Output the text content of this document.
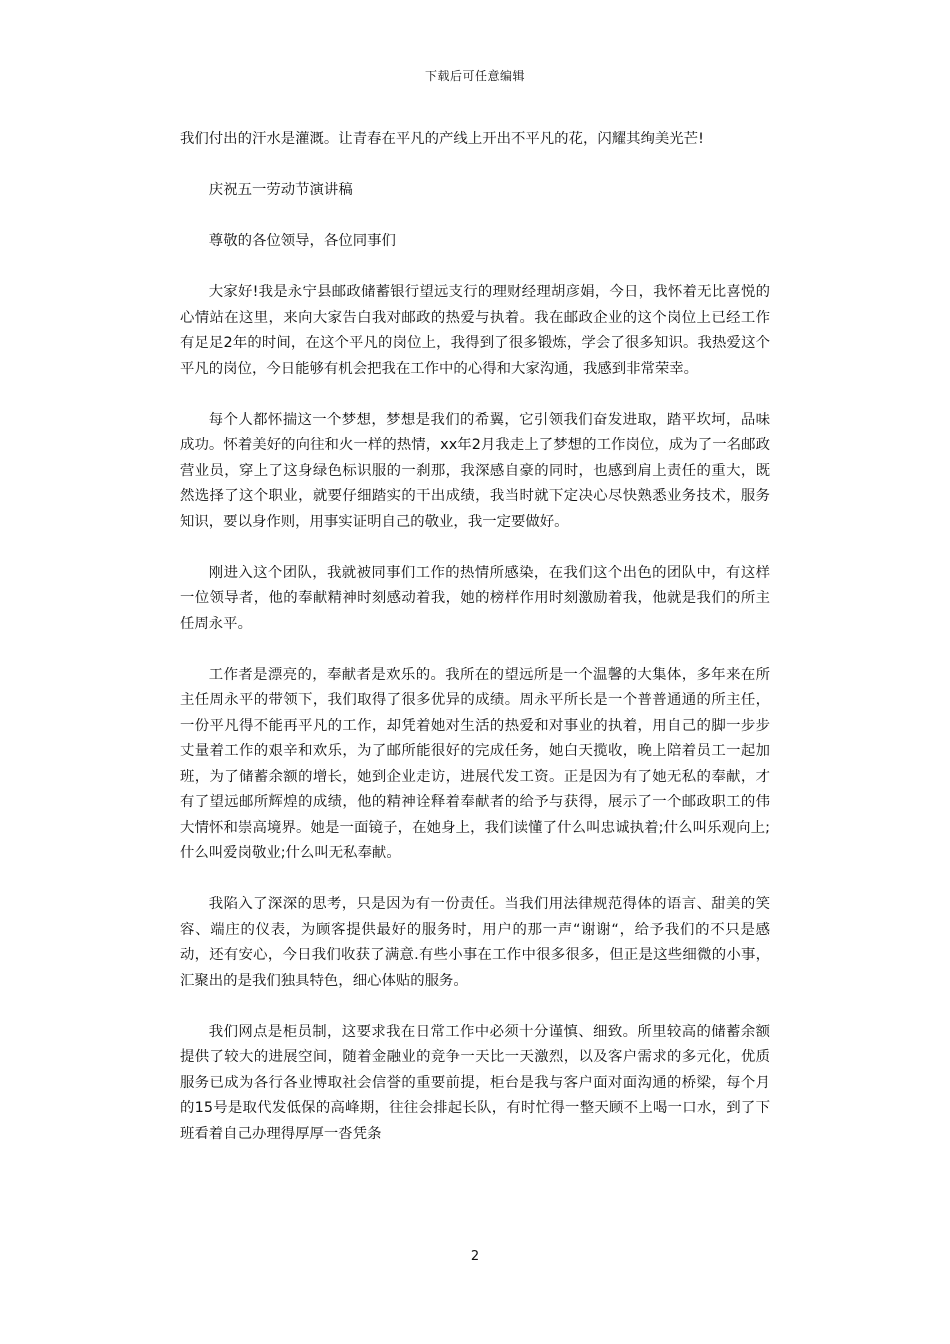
下载后可任意编辑

我们付出的汗水是灌溉。让青春在平凡的产线上开出不平凡的花，闪耀其绚美光芒!

庆祝五一劳动节演讲稿

尊敬的各位领导，各位同事们

大家好!我是永宁县邮政储蓄银行望远支行的理财经理胡彦娟，今日，我怀着无比喜悦的心情站在这里，来向大家告白我对邮政的热爱与执着。我在邮政企业的这个岗位上已经工作有足足2年的时间，在这个平凡的岗位上，我得到了很多锻炼，学会了很多知识。我热爱这个平凡的岗位，今日能够有机会把我在工作中的心得和大家沟通，我感到非常荣幸。

每个人都怀揣这一个梦想，梦想是我们的希翼，它引领我们奋发进取，踏平坎坷，品味成功。怀着美好的向往和火一样的热情，xx年2月我走上了梦想的工作岗位，成为了一名邮政营业员，穿上了这身绿色标识服的一刹那，我深感自豪的同时，也感到肩上责任的重大，既然选择了这个职业，就要仔细踏实的干出成绩，我当时就下定决心尽快熟悉业务技术，服务知识，要以身作则，用事实证明自己的敬业，我一定要做好。

刚进入这个团队，我就被同事们工作的热情所感染，在我们这个出色的团队中，有这样一位领导者，他的奉献精神时刻感动着我，她的榜样作用时刻激励着我，他就是我们的所主任周永平。

工作者是漂亮的，奉献者是欢乐的。我所在的望远所是一个温馨的大集体，多年来在所主任周永平的带领下，我们取得了很多优异的成绩。周永平所长是一个普普通通的所主任，一份平凡得不能再平凡的工作，却凭着她对生活的热爱和对事业的执着，用自己的脚一步步丈量着工作的艰辛和欢乐，为了邮所能很好的完成任务，她白天揽收，晚上陪着员工一起加班，为了储蓄余额的增长，她到企业走访，进展代发工资。正是因为有了她无私的奉献，才有了望远邮所辉煌的成绩，他的精神诠释着奉献者的给予与获得，展示了一个邮政职工的伟大情怀和崇高境界。她是一面镜子，在她身上，我们读懂了什么叫忠诚执着;什么叫乐观向上;什么叫爱岗敬业;什么叫无私奉献。

我陷入了深深的思考，只是因为有一份责任。当我们用法律规范得体的语言、甜美的笑容、端庄的仪表，为顾客提供最好的服务时，用户的那一声“谢谢“，给予我们的不只是感动，还有安心，今日我们收获了满意.有些小事在工作中很多很多，但正是这些细微的小事，汇聚出的是我们独具特色，细心体贴的服务。

我们网点是柜员制，这要求我在日常工作中必须十分谨慎、细致。所里较高的储蓄余额提供了较大的进展空间，随着金融业的竞争一天比一天激烈，以及客户需求的多元化，优质服务已成为各行各业博取社会信誉的重要前提，柜台是我与客户面对面沟通的桥梁，每个月的15号是取代发低保的高峰期，往往会排起长队，有时忙得一整天顾不上喝一口水，到了下班看着自己办理得厚厚一沓凭条

2
